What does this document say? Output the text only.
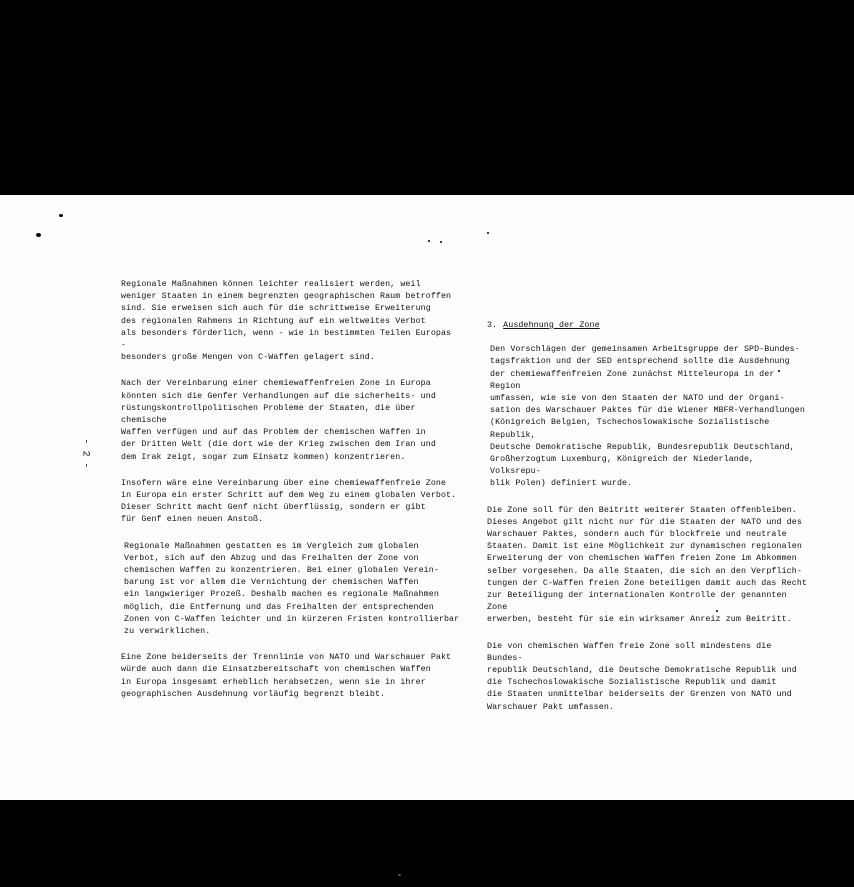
- 2 -

Regionale Maßnahmen können leichter realisiert werden, weil
weniger Staaten in einem begrenzten geographischen Raum betroffen
sind. Sie erweisen sich auch für die schrittweise Erweiterung
des regionalen Rahmens in Richtung auf ein weltweites Verbot
als besonders förderlich, wenn - wie in bestimmten Teilen Europas -
besonders große Mengen von C-Waffen gelagert sind.

Nach der Vereinbarung einer chemiewaffenfreien Zone in Europa
könnten sich die Genfer Verhandlungen auf die sicherheits- und
rüstungskontrollpolitischen Probleme der Staaten, die über chemische
Waffen verfügen und auf das Problem der chemischen Waffen in
der Dritten Welt (die dort wie der Krieg zwischen dem Iran und
dem Irak zeigt, sogar zum Einsatz kommen) konzentrieren.

Insofern wäre eine Vereinbarung über eine chemiewaffenfreie Zone
in Europa ein erster Schritt auf dem Weg zu einem globalen Verbot.
Dieser Schritt macht Genf nicht überflüssig, sondern er gibt
für Genf einen neuen Anstoß.

Regionale Maßnahmen gestatten es im Vergleich zum globalen
Verbot, sich auf den Abzug und das Freihalten der Zone von
chemischen Waffen zu konzentrieren. Bei einer globalen Verein-
barung ist vor allem die Vernichtung der chemischen Waffen
ein langwieriger Prozeß. Deshalb machen es regionale Maßnahmen
möglich, die Entfernung und das Freihalten der entsprechenden
Zonen von C-Waffen leichter und in kürzeren Fristen kontrollierbar
zu verwirklichen.

Eine Zone beiderseits der Trennlinie von NATO und Warschauer Pakt
würde auch dann die Einsatzbereitschaft von chemischen Waffen
in Europa insgesamt erheblich herabsetzen, wenn sie in ihrer
geographischen Ausdehnung vorläufig begrenzt bleibt.

3. Ausdehnung der Zone

Den Vorschlägen der gemeinsamen Arbeitsgruppe der SPD-Bundes-
tagsfraktion und der SED entsprechend sollte die Ausdehnung
der chemiewaffenfreien Zone zunächst Mitteleuropa in der Region
umfassen, wie sie von den Staaten der NATO und der Organi-
sation des Warschauer Paktes für die Wiener MBFR-Verhandlungen
(Königreich Belgien, Tschechoslowakische Sozialistische Republik,
Deutsche Demokratische Republik, Bundesrepublik Deutschland,
Großherzogtum Luxemburg, Königreich der Niederlande, Volksrepu-
blik Polen) definiert wurde.

Die Zone soll für den Beitritt weiterer Staaten offenbleiben.
Dieses Angebot gilt nicht nur für die Staaten der NATO und des
Warschauer Paktes, sondern auch für blockfreie und neutrale
Staaten. Damit ist eine Möglichkeit zur dynamischen regionalen
Erweiterung der von chemischen Waffen freien Zone im Abkommen
selber vorgesehen. Da alle Staaten, die sich an den Verpflich-
tungen der C-Waffen freien Zone beteiligen damit auch das Recht
zur Beteiligung der internationalen Kontrolle der genannten Zone
erwerben, besteht für sie ein wirksamer Anreiz zum Beitritt.

Die von chemischen Waffen freie Zone soll mindestens die Bundes-
republik Deutschland, die Deutsche Demokratische Republik und
die Tschechoslowakische Sozialistische Republik und damit
die Staaten unmittelbar beiderseits der Grenzen von NATO und
Warschauer Pakt umfassen.
